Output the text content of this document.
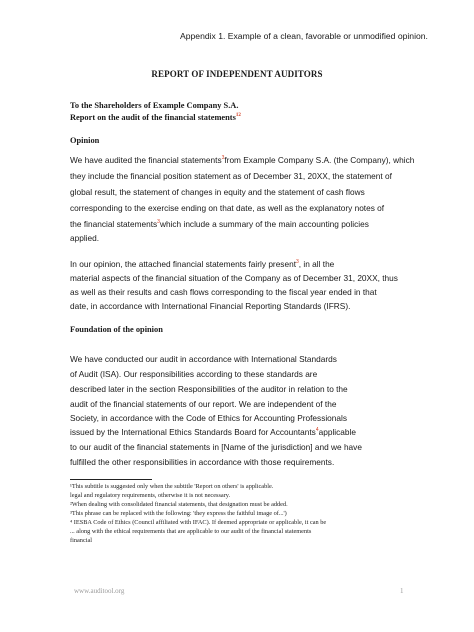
Appendix 1. Example of a clean, favorable or unmodified opinion.
REPORT OF INDEPENDENT AUDITORS
To the Shareholders of Example Company S.A.
Report on the audit of the financial statements$^{12}$
Opinion
We have audited the financial statements$^3$from Example Company S.A. (the Company), which
they include the financial position statement as of December 31, 20XX, the statement of
global result, the statement of changes in equity and the statement of cash flows
corresponding to the exercise ending on that date, as well as the explanatory notes of
the financial statements$^3$which include a summary of the main accounting policies
applied.
In our opinion, the attached financial statements fairly present$^3$, in all the
material aspects of the financial situation of the Company as of December 31, 20XX, thus
as well as their results and cash flows corresponding to the fiscal year ended in that
date, in accordance with International Financial Reporting Standards (IFRS).
Foundation of the opinion
We have conducted our audit in accordance with International Standards
of Audit (ISA). Our responsibilities according to these standards are
described later in the section Responsibilities of the auditor in relation to the
audit of the financial statements of our report. We are independent of the
Society, in accordance with the Code of Ethics for Accounting Professionals
issued by the International Ethics Standards Board for Accountants$^4$applicable
to our audit of the financial statements in [Name of the jurisdiction] and we have
fulfilled the other responsibilities in accordance with those requirements.
¹This subtitle is suggested only when the subtitle 'Report on others' is applicable.
legal and regulatory requirements, otherwise it is not necessary.
²When dealing with consolidated financial statements, that designation must be added.
³This phrase can be replaced with the following: 'they express the faithful image of...')
⁴ IESBA Code of Ethics (Council affiliated with IFAC). If deemed appropriate or applicable, it can be
... along with the ethical requirements that are applicable to our audit of the financial statements
financial
www.auditool.org	1
